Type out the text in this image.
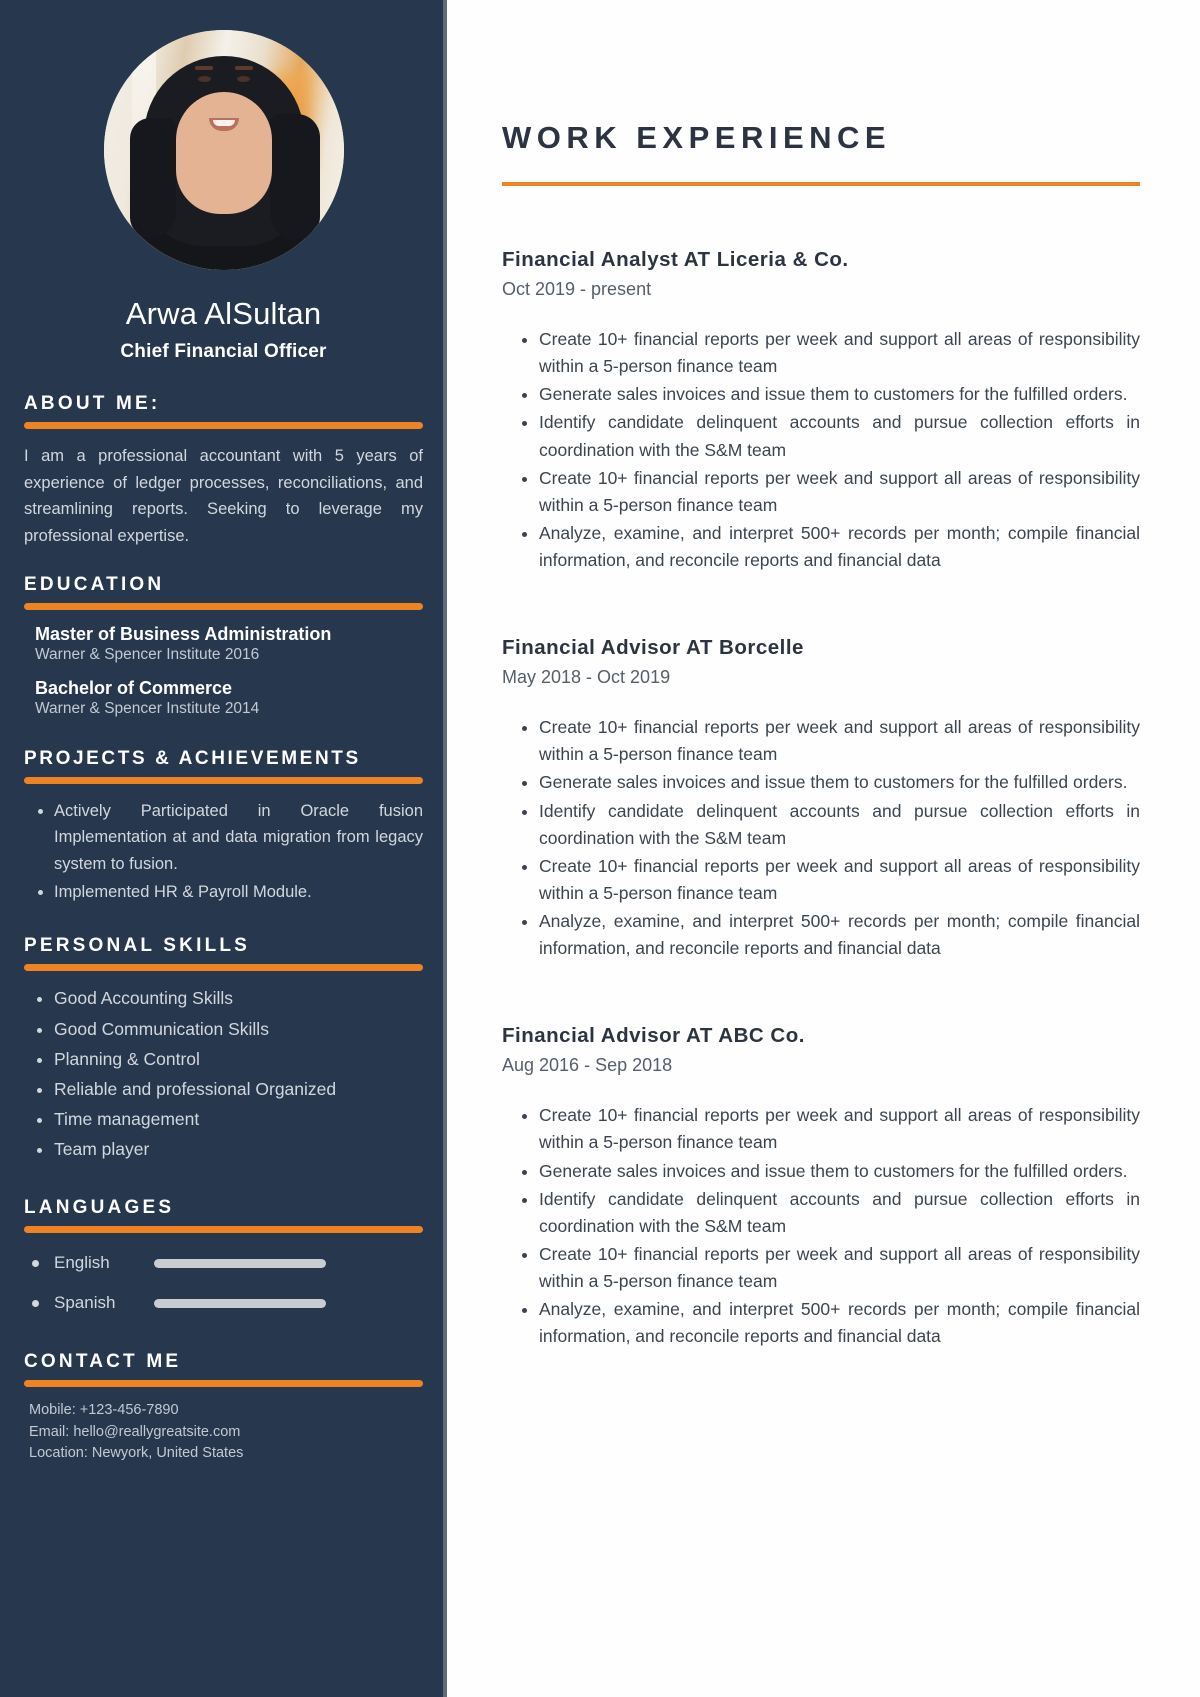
Arwa AlSultan
Chief Financial Officer
ABOUT ME:

I am a professional accountant with 5 years of experience of ledger processes, reconciliations, and streamlining reports. Seeking to leverage my professional expertise.

EDUCATION
Master of Business Administration
Warner & Spencer Institute 2016
Bachelor of Commerce
Warner & Spencer Institute 2014
PROJECTS & ACHIEVEMENTS
• Actively Participated in Oracle fusion Implementation at and data migration from legacy system to fusion.
• Implemented HR & Payroll Module.
PERSONAL SKILLS
• Good Accounting Skills
• Good Communication Skills
• Planning & Control
• Reliable and professional Organized
• Time management
• Team player
LANGUAGES
English
Spanish
CONTACT ME
Mobile: +123-456-7890
Email: hello@reallygreatsite.com
Location: Newyork, United States
WORK EXPERIENCE
Financial Analyst AT Liceria & Co.
Oct 2019 - present
• Create 10+ financial reports per week and support all areas of responsibility within a 5-person finance team
• Generate sales invoices and issue them to customers for the fulfilled orders.
• Identify candidate delinquent accounts and pursue collection efforts in coordination with the S&M team
• Create 10+ financial reports per week and support all areas of responsibility within a 5-person finance team
• Analyze, examine, and interpret 500+ records per month; compile financial information, and reconcile reports and financial data
Financial Advisor AT Borcelle
May 2018 - Oct 2019
• Create 10+ financial reports per week and support all areas of responsibility within a 5-person finance team
• Generate sales invoices and issue them to customers for the fulfilled orders.
• Identify candidate delinquent accounts and pursue collection efforts in coordination with the S&M team
• Create 10+ financial reports per week and support all areas of responsibility within a 5-person finance team
• Analyze, examine, and interpret 500+ records per month; compile financial information, and reconcile reports and financial data
Financial Advisor AT ABC Co.
Aug 2016 - Sep 2018
• Create 10+ financial reports per week and support all areas of responsibility within a 5-person finance team
• Generate sales invoices and issue them to customers for the fulfilled orders.
• Identify candidate delinquent accounts and pursue collection efforts in coordination with the S&M team
• Create 10+ financial reports per week and support all areas of responsibility within a 5-person finance team
• Analyze, examine, and interpret 500+ records per month; compile financial information, and reconcile reports and financial data
